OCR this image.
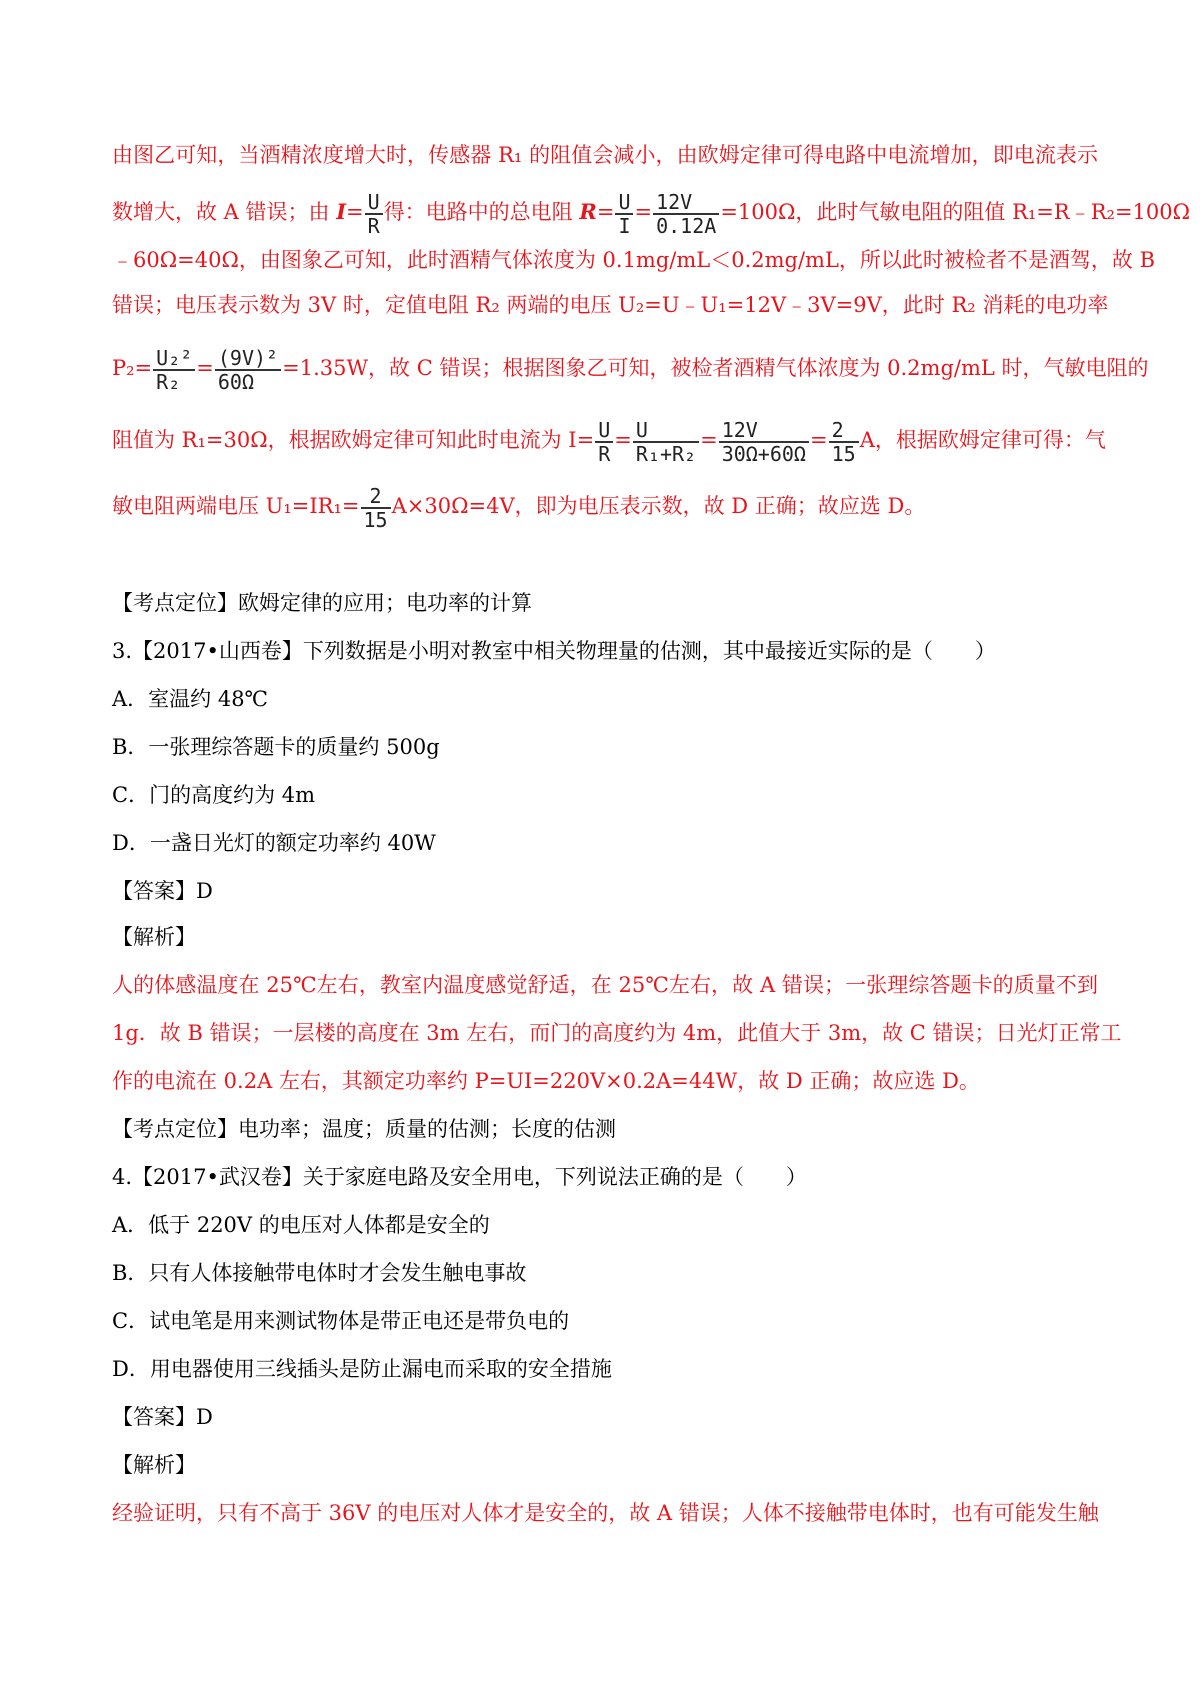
由图乙可知，当酒精浓度增大时，传感器 R₁ 的阻值会减小，由欧姆定律可得电路中电流增加，即电流表示
数增大，故 A 错误；由 $I= \frac{U}{R}$ 得：电路中的总电阻 $R= \frac{U}{I} = \frac{12V}{0.12A} =100\Omega$，此时气敏电阻的阻值 R₁=R﹣R₂=100Ω
﹣60Ω=40Ω，由图象乙可知，此时酒精气体浓度为 0.1mg/mL＜0.2mg/mL，所以此时被检者不是酒驾，故 B
错误；电压表示数为 3V 时，定值电阻 R₂ 两端的电压 U₂=U﹣U₁=12V﹣3V=9V，此时 R₂ 消耗的电功率
$P_2= \frac{\text{U₂²}}{\text{R₂}} = \frac{\text{(9V)²}}{60\Omega} =1.35W$，故 C 错误；根据图象乙可知，被检者酒精气体浓度为 0.2mg/mL 时，气敏电阻的
阻值为 R₁=30Ω，根据欧姆定律可知此时电流为 $I= \frac{U}{R} = \frac{U}{\text{R₁+R₂}} = \frac{12V}{30\Omega+60\Omega} = \frac{2}{15}$ A，根据欧姆定律可得：气
敏电阻两端电压 $U_1=IR_1= \frac{2}{15} A\times 30\Omega=4V$，即为电压表示数，故 D 正确；故应选 D。
【考点定位】欧姆定律的应用；电功率的计算
3.【2017•山西卷】下列数据是小明对教室中相关物理量的估测，其中最接近实际的是（　　）
A．室温约 48℃
B．一张理综答题卡的质量约 500g
C．门的高度约为 4m
D．一盏日光灯的额定功率约 40W
【答案】D
【解析】
人的体感温度在 25℃左右，教室内温度感觉舒适，在 25℃左右，故 A 错误；一张理综答题卡的质量不到
1g．故 B 错误；一层楼的高度在 3m 左右，而门的高度约为 4m，此值大于 3m，故 C 错误；日光灯正常工
作的电流在 0.2A 左右，其额定功率约 P=UI=220V×0.2A=44W，故 D 正确；故应选 D。
【考点定位】电功率；温度；质量的估测；长度的估测
4.【2017•武汉卷】关于家庭电路及安全用电，下列说法正确的是（　　）
A．低于 220V 的电压对人体都是安全的
B．只有人体接触带电体时才会发生触电事故
C．试电笔是用来测试物体是带正电还是带负电的
D．用电器使用三线插头是防止漏电而采取的安全措施
【答案】D
【解析】
经验证明，只有不高于 36V 的电压对人体才是安全的，故 A 错误；人体不接触带电体时，也有可能发生触
